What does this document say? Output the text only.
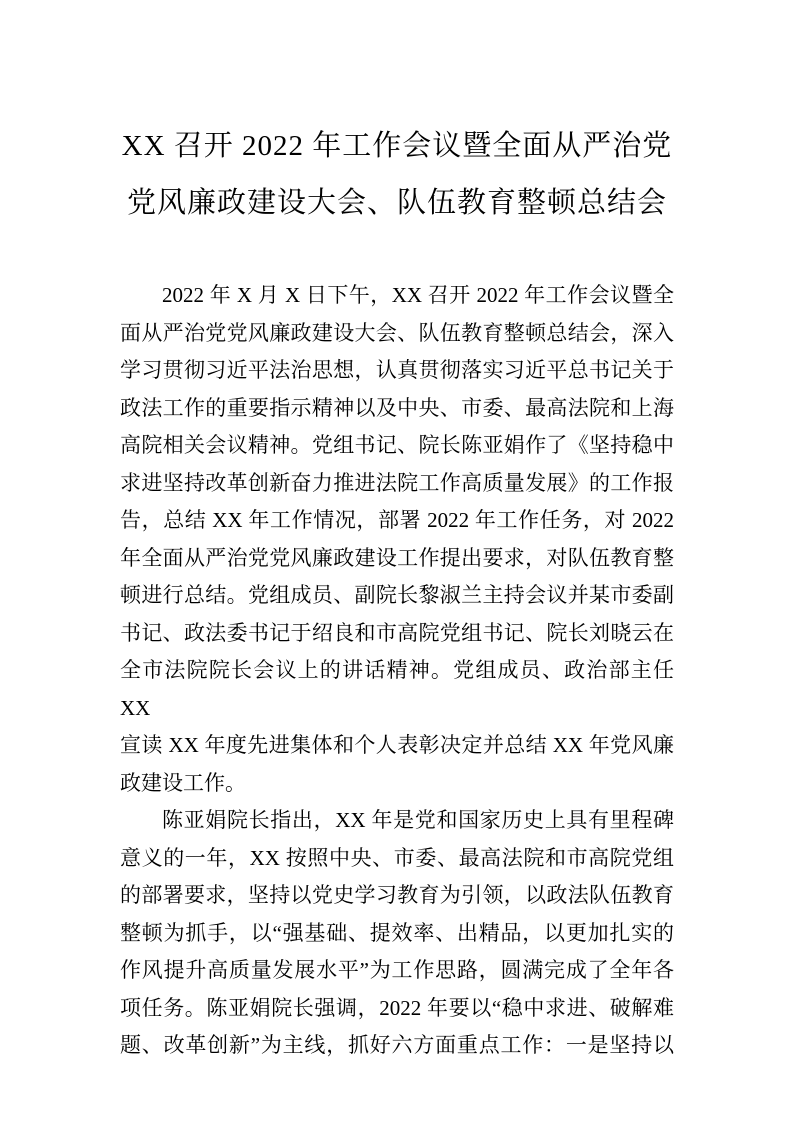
XX 召开 2022 年工作会议暨全面从严治党
党风廉政建设大会、队伍教育整顿总结会
2022 年 X 月 X 日下午，XX 召开 2022 年工作会议暨全
面从严治党党风廉政建设大会、队伍教育整顿总结会，深入
学习贯彻习近平法治思想，认真贯彻落实习近平总书记关于
政法工作的重要指示精神以及中央、市委、最高法院和上海
高院相关会议精神。党组书记、院长陈亚娟作了《坚持稳中
求进坚持改革创新奋力推进法院工作高质量发展》的工作报
告，总结 XX 年工作情况，部署 2022 年工作任务，对 2022
年全面从严治党党风廉政建设工作提出要求，对队伍教育整
顿进行总结。党组成员、副院长黎淑兰主持会议并某市委副
书记、政法委书记于绍良和市高院党组书记、院长刘晓云在
全市法院院长会议上的讲话精神。党组成员、政治部主任XX
宣读 XX 年度先进集体和个人表彰决定并总结 XX 年党风廉
政建设工作。
陈亚娟院长指出，XX 年是党和国家历史上具有里程碑
意义的一年，XX 按照中央、市委、最高法院和市高院党组
的部署要求，坚持以党史学习教育为引领，以政法队伍教育
整顿为抓手，以“强基础、提效率、出精品，以更加扎实的
作风提升高质量发展水平”为工作思路，圆满完成了全年各
项任务。陈亚娟院长强调，2022 年要以“稳中求进、破解难
题、改革创新”为主线，抓好六方面重点工作：一是坚持以
